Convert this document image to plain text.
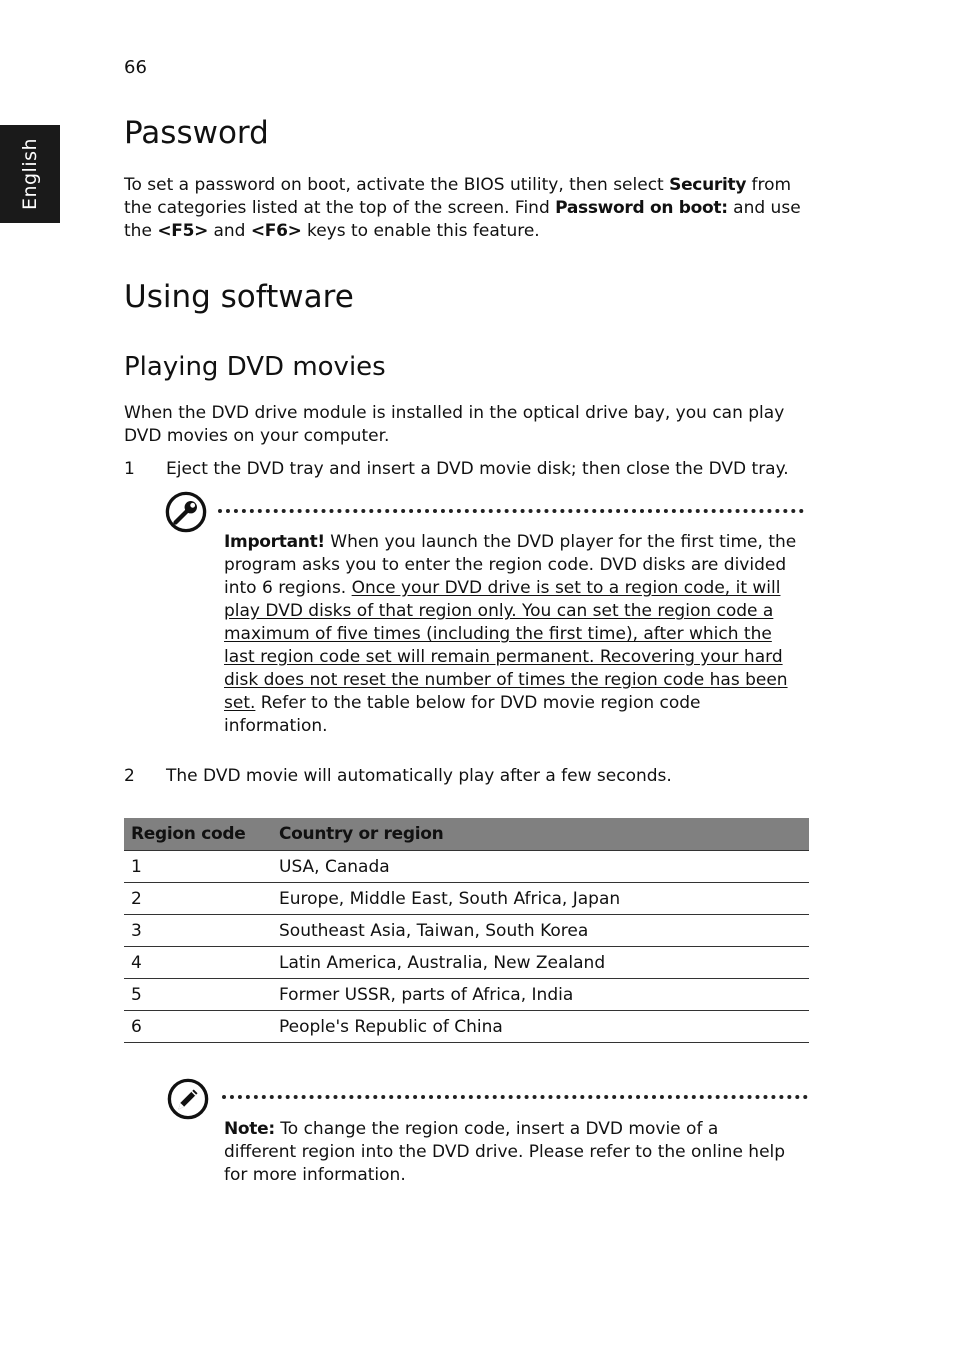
66
English
Password

To set a password on boot, activate the BIOS utility, then select Security from the categories listed at the top of the screen. Find Password on boot: and use the <F5> and <F6> keys to enable this feature.

Using software
Playing DVD movies

When the DVD drive module is installed in the optical drive bay, you can play DVD movies on your computer.

1 Eject the DVD tray and insert a DVD movie disk; then close the DVD tray.

Important! When you launch the DVD player for the first time, the program asks you to enter the region code. DVD disks are divided into 6 regions. Once your DVD drive is set to a region code, it will play DVD disks of that region only. You can set the region code a maximum of five times (including the first time), after which the last region code set will remain permanent. Recovering your hard disk does not reset the number of times the region code has been set. Refer to the table below for DVD movie region code information.

2 The DVD movie will automatically play after a few seconds.
Region code	Country or region
1	USA, Canada
2	Europe, Middle East, South Africa, Japan
3	Southeast Asia, Taiwan, South Korea
4	Latin America, Australia, New Zealand
5	Former USSR, parts of Africa, India
6	People's Republic of China

Note: To change the region code, insert a DVD movie of a different region into the DVD drive. Please refer to the online help for more information.
